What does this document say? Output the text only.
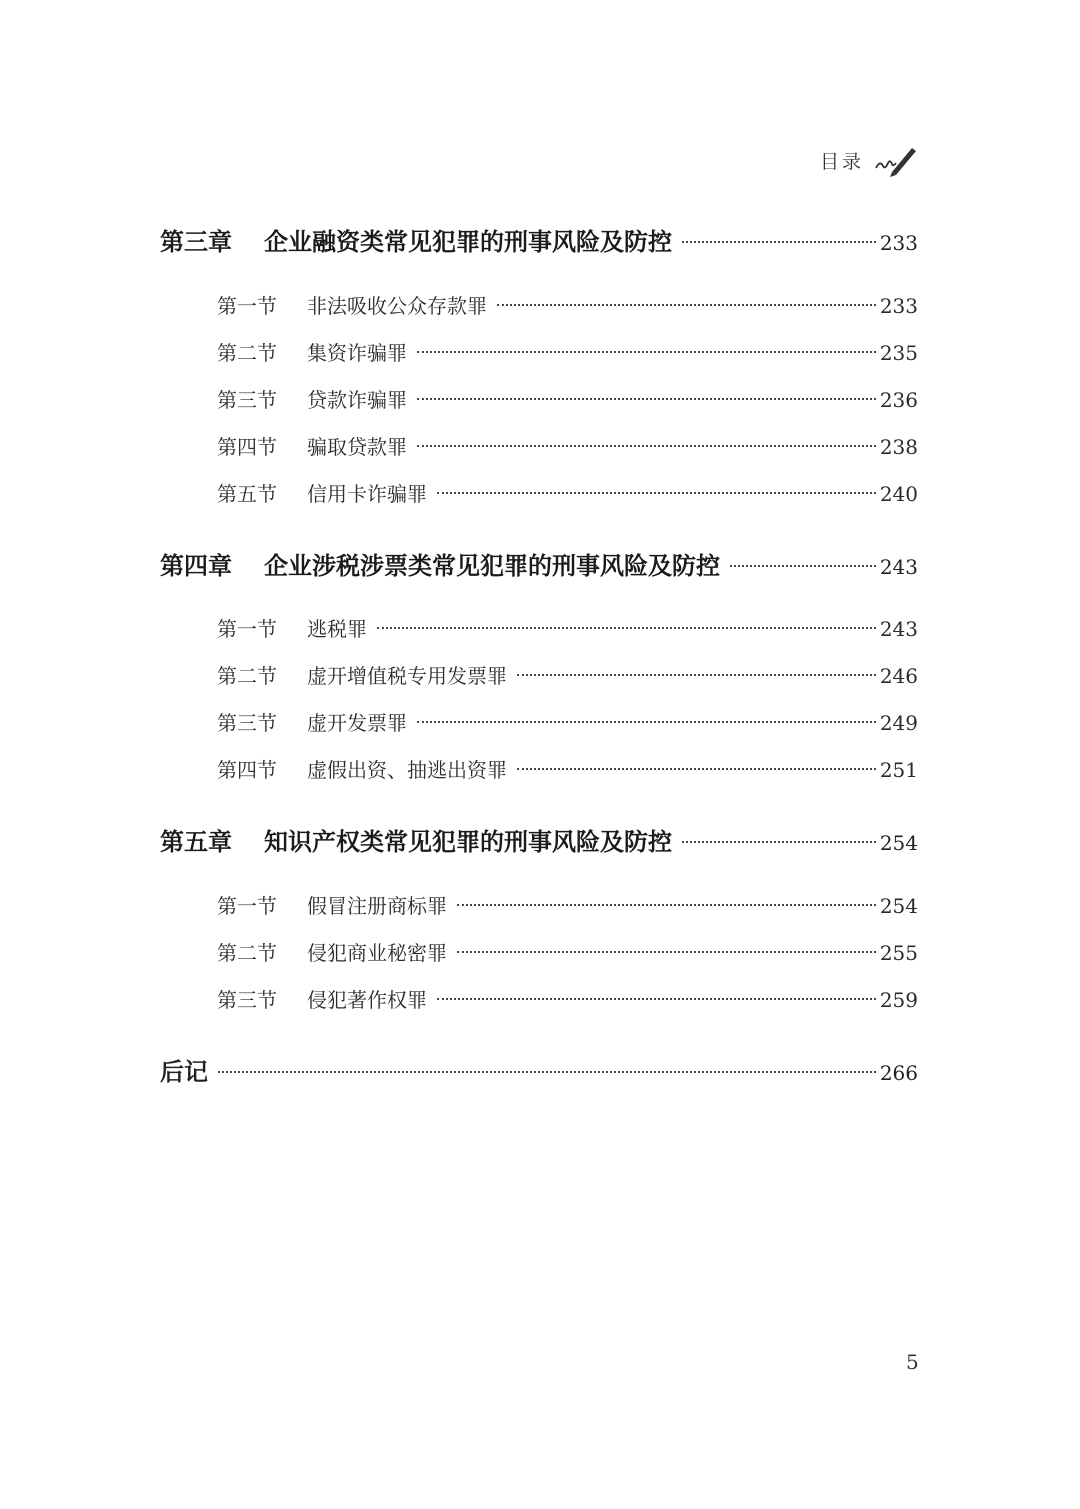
目录
第三章	企业融资类常见犯罪的刑事风险及防控	233
第一节	非法吸收公众存款罪	233
第二节	集资诈骗罪	235
第三节	贷款诈骗罪	236
第四节	骗取贷款罪	238
第五节	信用卡诈骗罪	240
第四章	企业涉税涉票类常见犯罪的刑事风险及防控	243
第一节	逃税罪	243
第二节	虚开增值税专用发票罪	246
第三节	虚开发票罪	249
第四节	虚假出资、抽逃出资罪	251
第五章	知识产权类常见犯罪的刑事风险及防控	254
第一节	假冒注册商标罪	254
第二节	侵犯商业秘密罪	255
第三节	侵犯著作权罪	259
后记	266
5
